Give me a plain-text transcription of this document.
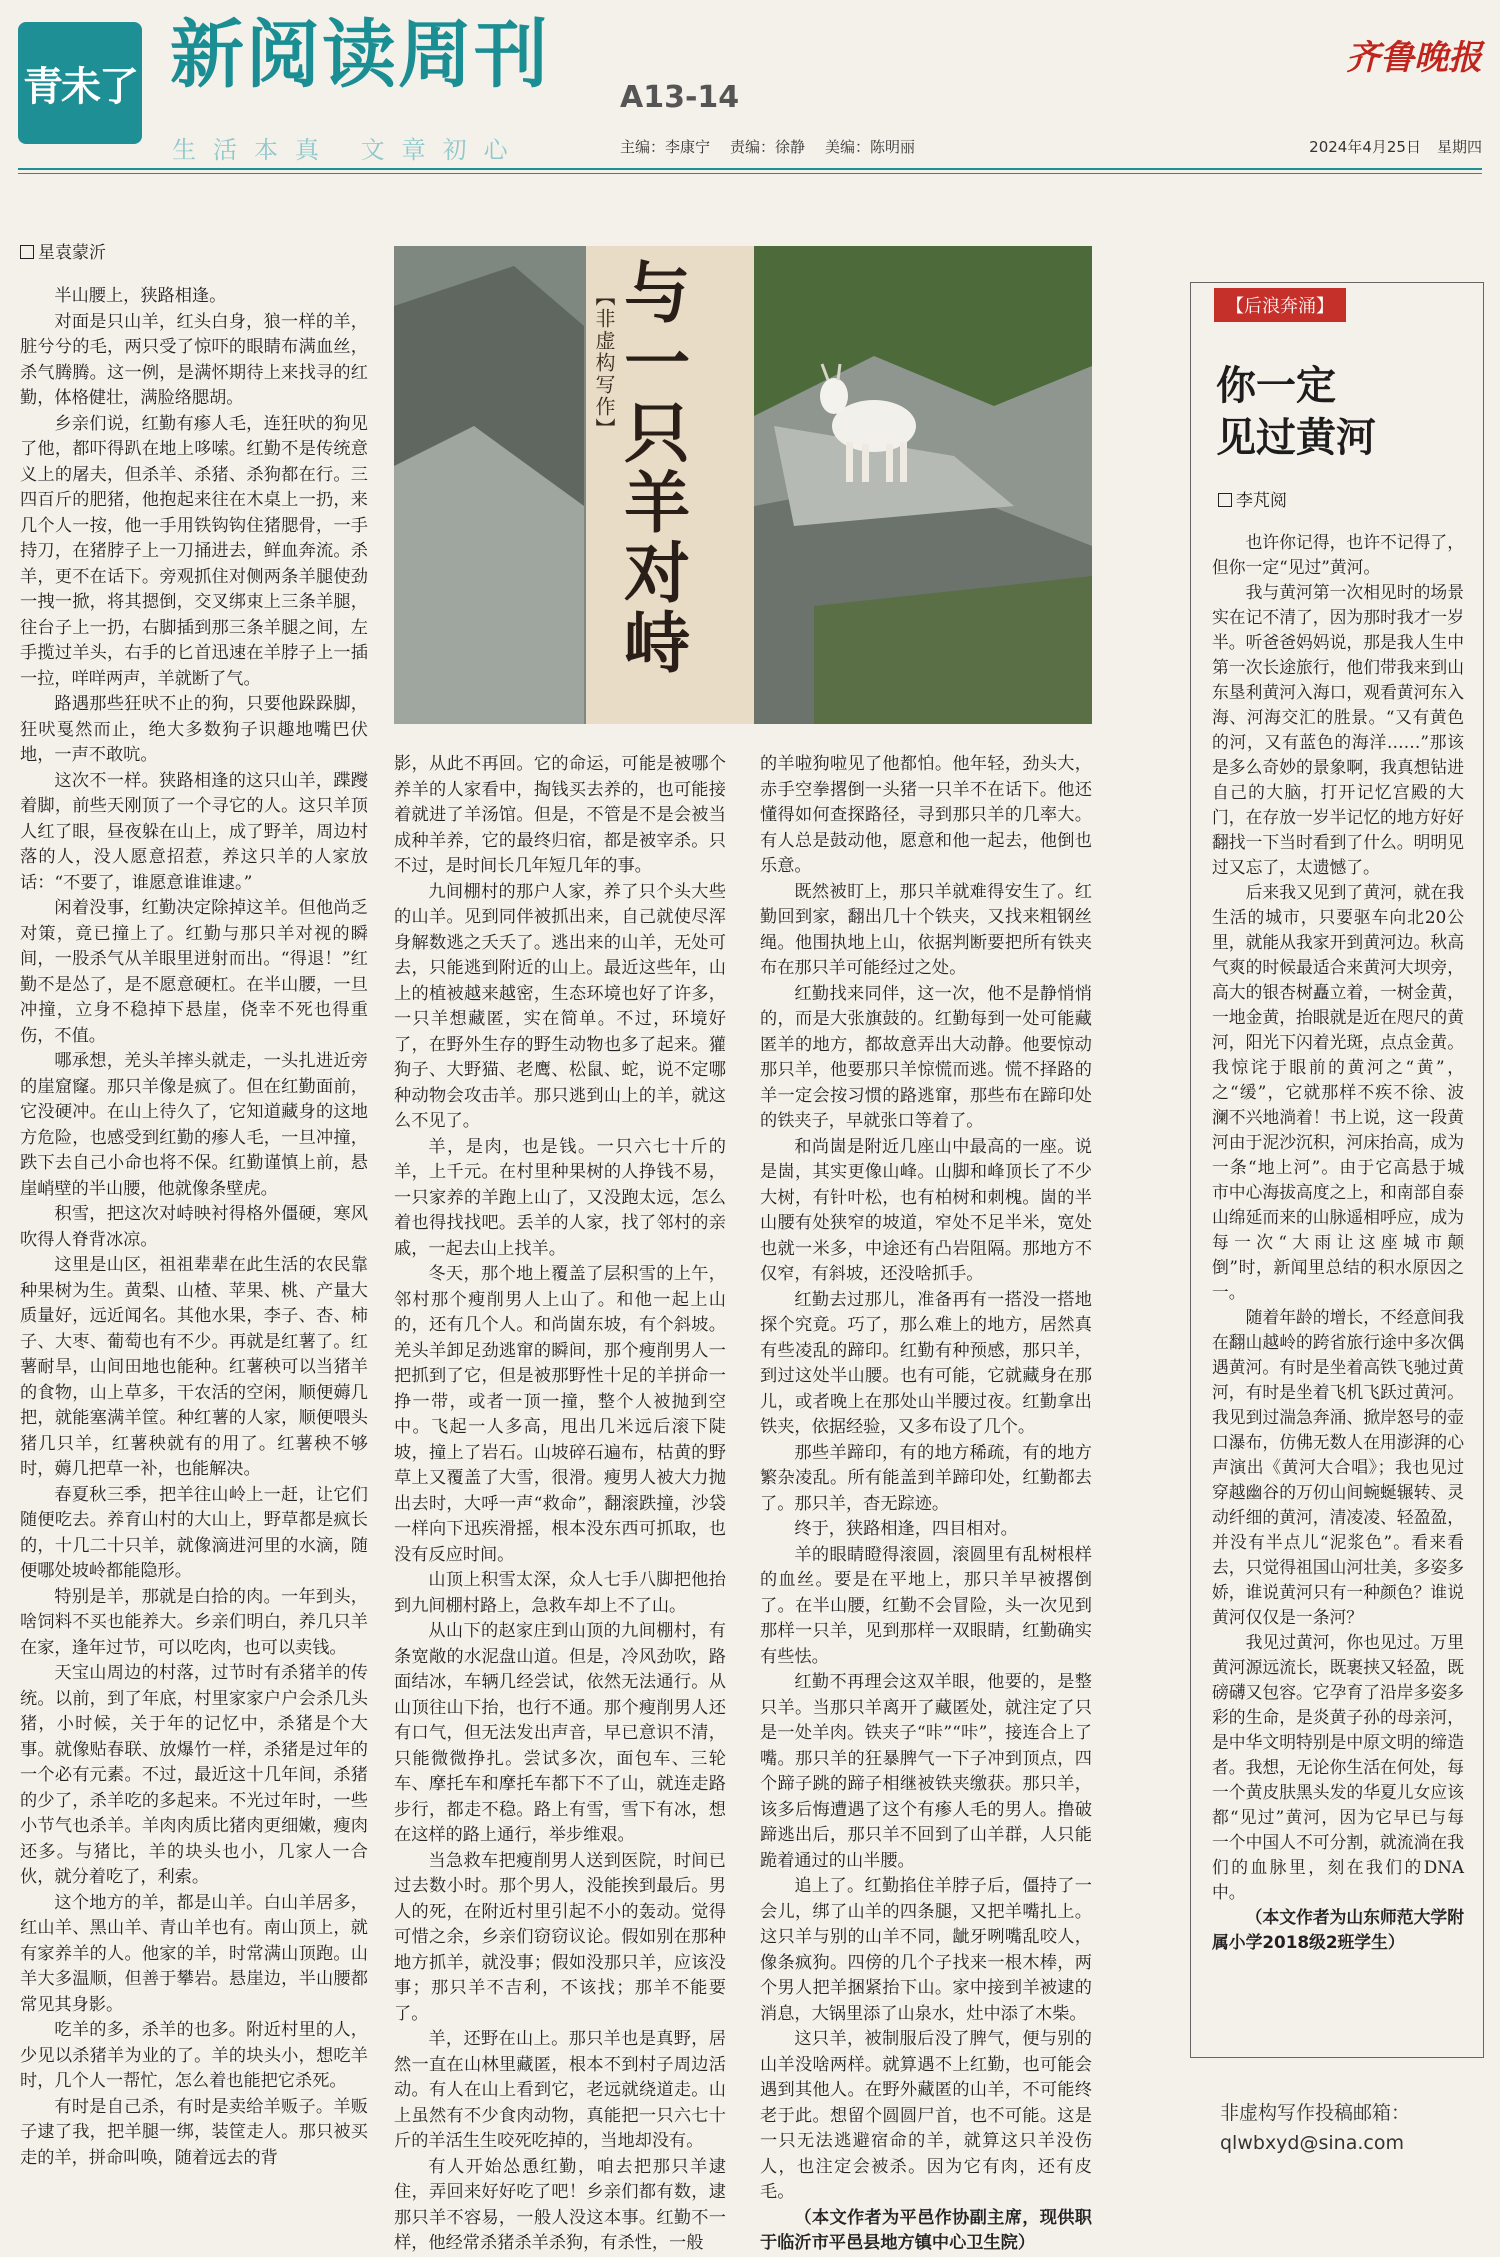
青未了 新阅读周刊 A13-14
生活本真 文章初心	主编：李康宁 责编：徐静 美编：陈明丽
齐鲁晚报
2024年4月25日 星期四
星袁蒙沂

半山腰上，狭路相逢。

对面是只山羊，红头白身，狼一样的羊，脏兮兮的毛，两只受了惊吓的眼睛布满血丝，杀气腾腾。这一例，是满怀期待上来找寻的红勤，体格健壮，满脸络腮胡。

乡亲们说，红勤有瘆人毛，连狂吠的狗见了他，都吓得趴在地上哆嗦。红勤不是传统意义上的屠夫，但杀羊、杀猪、杀狗都在行。三四百斤的肥猪，他抱起来往在木桌上一扔，来几个人一按，他一手用铁钩钩住猪腮骨，一手持刀，在猪脖子上一刀捅进去，鲜血奔流。杀羊，更不在话下。旁观抓住对侧两条羊腿使劲一拽一掀，将其摁倒，交叉绑束上三条羊腿，往台子上一扔，右脚插到那三条羊腿之间，左手揽过羊头，右手的匕首迅速在羊脖子上一插一拉，咩咩两声，羊就断了气。

路遇那些狂吠不止的狗，只要他跺跺脚，狂吠戛然而止，绝大多数狗子识趣地嘴巴伏地，一声不敢吭。

这次不一样。狭路相逢的这只山羊，蹀躞着脚，前些天刚顶了一个寻它的人。这只羊顶人红了眼，昼夜躲在山上，成了野羊，周边村落的人，没人愿意招惹，养这只羊的人家放话：“不要了，谁愿意谁谁逮。”

闲着没事，红勤决定除掉这羊。但他尚乏对策，竟已撞上了。红勤与那只羊对视的瞬间，一股杀气从羊眼里迸射而出。“得退！”红勤不是怂了，是不愿意硬杠。在半山腰，一旦冲撞，立身不稳掉下悬崖，侥幸不死也得重伤，不值。

哪承想，羌头羊摔头就走，一头扎进近旁的崖窟窿。那只羊像是疯了。但在红勤面前，它没硬冲。在山上待久了，它知道藏身的这地方危险，也感受到红勤的瘆人毛，一旦冲撞，跌下去自己小命也将不保。红勤谨慎上前，悬崖峭壁的半山腰，他就像条壁虎。

积雪，把这次对峙映衬得格外僵硬，寒风吹得人脊背冰凉。

这里是山区，祖祖辈辈在此生活的农民靠种果树为生。黄梨、山楂、苹果、桃、产量大质量好，远近闻名。其他水果，李子、杏、柿子、大枣、葡萄也有不少。再就是红薯了。红薯耐旱，山间田地也能种。红薯秧可以当猪羊的食物，山上草多，干农活的空闲，顺便薅几把，就能塞满羊筐。种红薯的人家，顺便喂头猪几只羊，红薯秧就有的用了。红薯秧不够时，薅几把草一补，也能解决。

春夏秋三季，把羊往山岭上一赶，让它们随便吃去。养育山村的大山上，野草都是疯长的，十几二十只羊，就像滴进河里的水滴，随便哪处坡岭都能隐形。

特别是羊，那就是白拾的肉。一年到头，啥饲料不买也能养大。乡亲们明白，养几只羊在家，逢年过节，可以吃肉，也可以卖钱。

天宝山周边的村落，过节时有杀猪羊的传统。以前，到了年底，村里家家户户会杀几头猪，小时候，关于年的记忆中，杀猪是个大事。就像贴春联、放爆竹一样，杀猪是过年的一个必有元素。不过，最近这十几年间，杀猪的少了，杀羊吃的多起来。不光过年时，一些小节气也杀羊。羊肉肉质比猪肉更细嫩，瘦肉还多。与猪比，羊的块头也小，几家人一合伙，就分着吃了，利索。

这个地方的羊，都是山羊。白山羊居多，红山羊、黑山羊、青山羊也有。南山顶上，就有家养羊的人。他家的羊，时常满山顶跑。山羊大多温顺，但善于攀岩。悬崖边，半山腰都常见其身影。

吃羊的多，杀羊的也多。附近村里的人，少见以杀猪羊为业的了。羊的块头小，想吃羊时，几个人一帮忙，怎么着也能把它杀死。

有时是自己杀，有时是卖给羊贩子。羊贩子逮了我，把羊腿一绑，装筐走人。那只被买走的羊，拼命叫唤，随着远去的背

【非虚构写作】
与一只羊对峙

影，从此不再回。它的命运，可能是被哪个养羊的人家看中，掏钱买去养的，也可能接着就进了羊汤馆。但是，不管是不是会被当成种羊养，它的最终归宿，都是被宰杀。只不过，是时间长几年短几年的事。

九间棚村的那户人家，养了只个头大些的山羊。见到同伴被抓出来，自己就使尽浑身解数逃之夭夭了。逃出来的山羊，无处可去，只能逃到附近的山上。最近这些年，山上的植被越来越密，生态环境也好了许多，一只羊想藏匿，实在简单。不过，环境好了，在野外生存的野生动物也多了起来。獾狗子、大野猫、老鹰、松鼠、蛇，说不定哪种动物会攻击羊。那只逃到山上的羊，就这么不见了。

羊，是肉，也是钱。一只六七十斤的羊，上千元。在村里种果树的人挣钱不易，一只家养的羊跑上山了，又没跑太远，怎么着也得找找吧。丢羊的人家，找了邻村的亲戚，一起去山上找羊。

冬天，那个地上覆盖了层积雪的上午，邻村那个瘦削男人上山了。和他一起上山的，还有几个人。和尚崮东坡，有个斜坡。羌头羊卸足劲逃窜的瞬间，那个瘦削男人一把抓到了它，但是被那野性十足的羊拼命一挣一带，或者一顶一撞，整个人被抛到空中。飞起一人多高，甩出几米远后滚下陡坡，撞上了岩石。山坡碎石遍布，枯黄的野草上又覆盖了大雪，很滑。瘦男人被大力抛出去时，大呼一声“救命”，翻滚跌撞，沙袋一样向下迅疾滑摇，根本没东西可抓取，也没有反应时间。

山顶上积雪太深，众人七手八脚把他抬到九间棚村路上，急救车却上不了山。

从山下的赵家庄到山顶的九间棚村，有条宽敞的水泥盘山道。但是，冷风劲吹，路面结冰，车辆几经尝试，依然无法通行。从山顶往山下抬，也行不通。那个瘦削男人还有口气，但无法发出声音，早已意识不清，只能微微挣扎。尝试多次，面包车、三轮车、摩托车和摩托车都下不了山，就连走路步行，都走不稳。路上有雪，雪下有冰，想在这样的路上通行，举步维艰。

当急救车把瘦削男人送到医院，时间已过去数小时。那个男人，没能挨到最后。男人的死，在附近村里引起不小的轰动。觉得可惜之余，乡亲们窃窃议论。假如别在那种地方抓羊，就没事；假如没那只羊，应该没事；那只羊不吉利，不该找；那羊不能要了。

羊，还野在山上。那只羊也是真野，居然一直在山林里藏匿，根本不到村子周边活动。有人在山上看到它，老远就绕道走。山上虽然有不少食肉动物，真能把一只六七十斤的羊活生生咬死吃掉的，当地却没有。

有人开始怂恿红勤，咱去把那只羊逮住，弄回来好好吃了吧！乡亲们都有数，逮那只羊不容易，一般人没这本事。红勤不一样，他经常杀猪杀羊杀狗，有杀性，一般

的羊啦狗啦见了他都怕。他年轻，劲头大，赤手空拳撂倒一头猪一只羊不在话下。他还懂得如何查探路径，寻到那只羊的几率大。有人总是鼓动他，愿意和他一起去，他倒也乐意。

既然被盯上，那只羊就难得安生了。红勤回到家，翻出几十个铁夹，又找来粗钢丝绳。他围执地上山，依据判断要把所有铁夹布在那只羊可能经过之处。

红勤找来同伴，这一次，他不是静悄悄的，而是大张旗鼓的。红勤每到一处可能藏匿羊的地方，都故意弄出大动静。他要惊动那只羊，他要那只羊惊慌而逃。慌不择路的羊一定会按习惯的路逃窜，那些布在蹄印处的铁夹子，早就张口等着了。

和尚崮是附近几座山中最高的一座。说是崮，其实更像山峰。山脚和峰顶长了不少大树，有针叶松，也有柏树和刺槐。崮的半山腰有处狭窄的坡道，窄处不足半米，宽处也就一米多，中途还有凸岩阻隔。那地方不仅窄，有斜坡，还没啥抓手。

红勤去过那儿，准备再有一搭没一搭地探个究竟。巧了，那么难上的地方，居然真有些凌乱的蹄印。红勤有种预感，那只羊，到过这处半山腰。也有可能，它就藏身在那儿，或者晚上在那处山半腰过夜。红勤拿出铁夹，依据经验，又多布设了几个。

那些羊蹄印，有的地方稀疏，有的地方繁杂凌乱。所有能盖到羊蹄印处，红勤都去了。那只羊，杳无踪迹。

终于，狭路相逢，四目相对。

羊的眼睛瞪得滚圆，滚圆里有乱树根样的血丝。要是在平地上，那只羊早被撂倒了。在半山腰，红勤不会冒险，头一次见到那样一只羊，见到那样一双眼睛，红勤确实有些怯。

红勤不再理会这双羊眼，他要的，是整只羊。当那只羊离开了藏匿处，就注定了只是一处羊肉。铁夹子“咔”“咔”，接连合上了嘴。那只羊的狂暴脾气一下子冲到顶点，四个蹄子跳的蹄子相继被铁夹缴获。那只羊，该多后悔遭遇了这个有瘆人毛的男人。撸破蹄逃出后，那只羊不回到了山羊群，人只能跪着通过的山半腰。

追上了。红勤掐住羊脖子后，僵持了一会儿，绑了山羊的四条腿，又把羊嘴扎上。这只羊与别的山羊不同，龇牙咧嘴乱咬人，像条疯狗。四傍的几个子找来一根木棒，两个男人把羊捆紧抬下山。家中接到羊被逮的消息，大锅里添了山泉水，灶中添了木柴。

这只羊，被制服后没了脾气，便与别的山羊没啥两样。就算遇不上红勤，也可能会遇到其他人。在野外藏匿的山羊，不可能终老于此。想留个圆圆尸首，也不可能。这是一只无法逃避宿命的羊，就算这只羊没伤人，也注定会被杀。因为它有肉，还有皮毛。

（本文作者为平邑作协副主席，现供职于临沂市平邑县地方镇中心卫生院）

【后浪奔涌】
你一定
见过黄河
李芃阅

也许你记得，也许不记得了，但你一定“见过”黄河。

我与黄河第一次相见时的场景实在记不清了，因为那时我才一岁半。听爸爸妈妈说，那是我人生中第一次长途旅行，他们带我来到山东垦利黄河入海口，观看黄河东入海、河海交汇的胜景。“又有黄色的河，又有蓝色的海洋……”那该是多么奇妙的景象啊，我真想钻进自己的大脑，打开记忆宫殿的大门，在存放一岁半记忆的地方好好翻找一下当时看到了什么。明明见过又忘了，太遗憾了。

后来我又见到了黄河，就在我生活的城市，只要驱车向北20公里，就能从我家开到黄河边。秋高气爽的时候最适合来黄河大坝旁，高大的银杏树矗立着，一树金黄，一地金黄，抬眼就是近在咫尺的黄河，阳光下闪着光斑，点点金黄。我惊诧于眼前的黄河之“黄”，之“缓”，它就那样不疾不徐、波澜不兴地淌着！书上说，这一段黄河由于泥沙沉积，河床抬高，成为一条“地上河”。由于它高悬于城市中心海拔高度之上，和南部自泰山绵延而来的山脉遥相呼应，成为每一次“大雨让这座城市颠倒”时，新闻里总结的积水原因之一。

随着年龄的增长，不经意间我在翻山越岭的跨省旅行途中多次偶遇黄河。有时是坐着高铁飞驰过黄河，有时是坐着飞机飞跃过黄河。我见到过湍急奔涌、掀岸怒号的壶口瀑布，仿佛无数人在用澎湃的心声演出《黄河大合唱》；我也见过穿越幽谷的万仞山间蜿蜒辗转、灵动纤细的黄河，清凌凌、轻盈盈，并没有半点儿“泥浆色”。看来看去，只觉得祖国山河壮美，多姿多娇，谁说黄河只有一种颜色？谁说黄河仅仅是一条河？

我见过黄河，你也见过。万里黄河源远流长，既裹挟又轻盈，既磅礴又包容。它孕育了沿岸多姿多彩的生命，是炎黄子孙的母亲河，是中华文明特别是中原文明的缔造者。我想，无论你生活在何处，每一个黄皮肤黑头发的华夏儿女应该都“见过”黄河，因为它早已与每一个中国人不可分割，就流淌在我们的血脉里，刻在我们的DNA中。

（本文作者为山东师范大学附属小学2018级2班学生）

非虚构写作投稿邮箱：
qlwbxyd@sina.com
